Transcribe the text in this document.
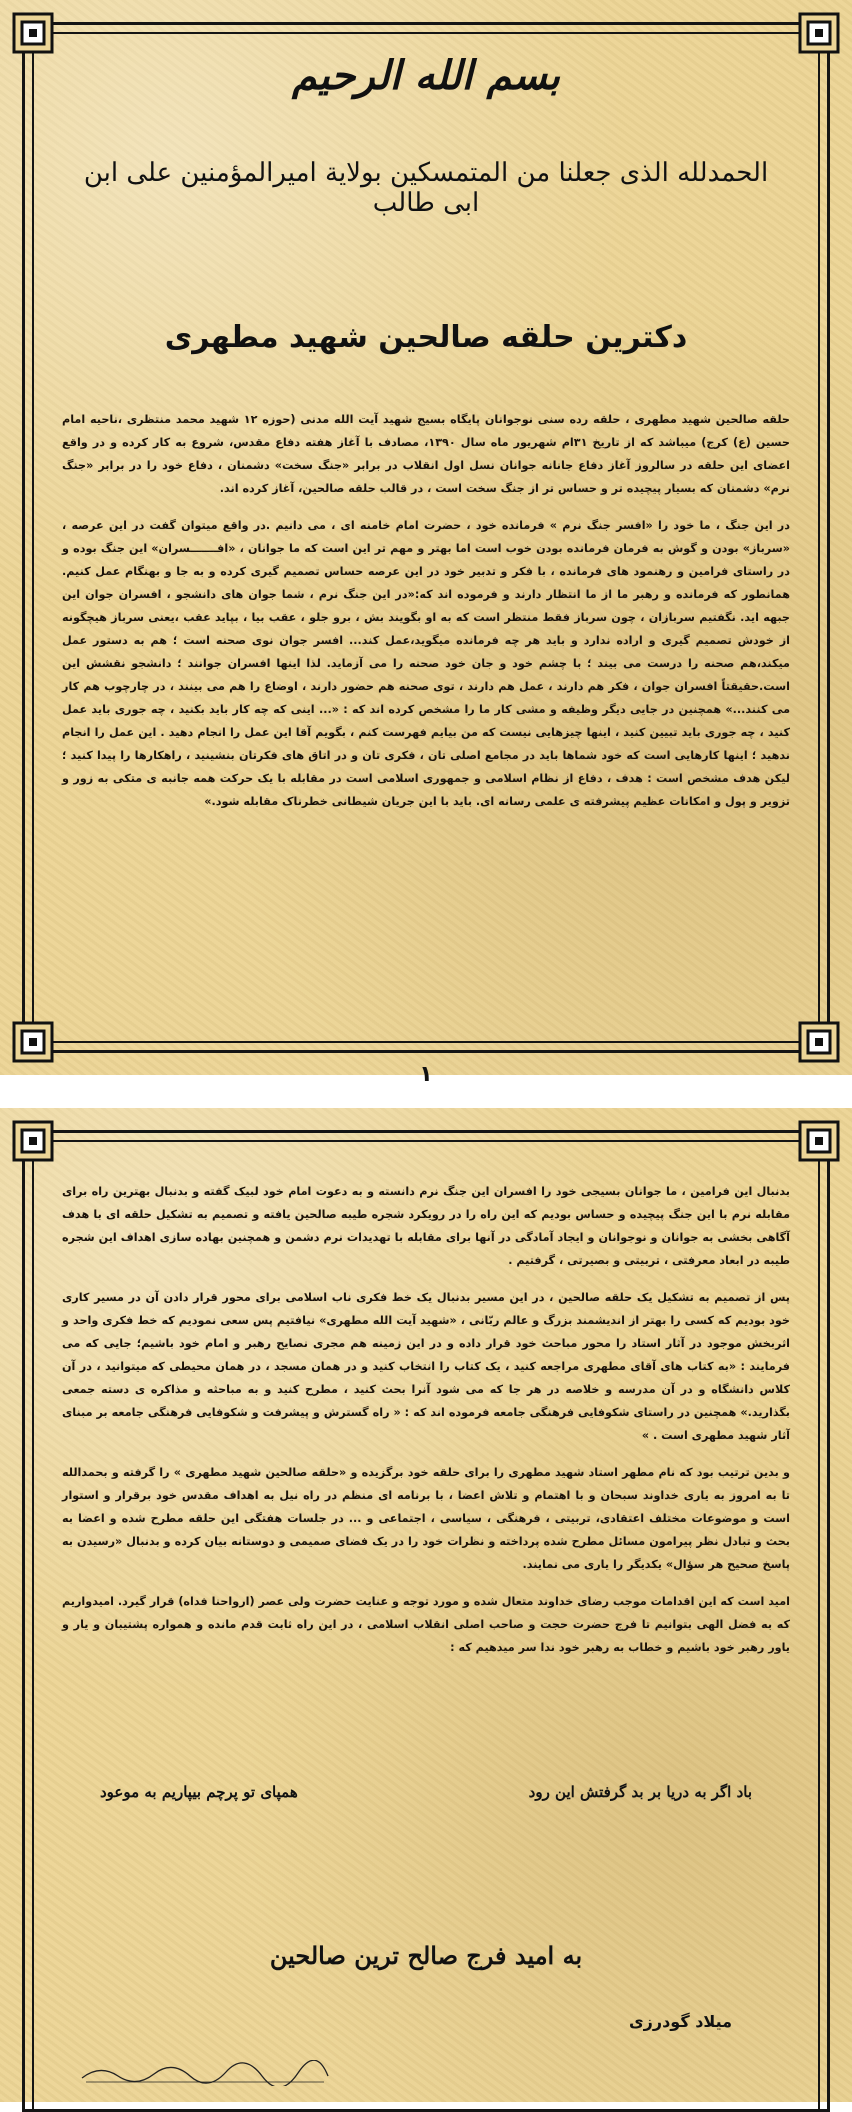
بسم الله الرحیم
الحمدلله الذی جعلنا من المتمسکین بولایة امیرالمؤمنین علی ابن ابی طالب
دکترین حلقه صالحین شهید مطهری

حلقه صالحین شهید مطهری ، حلقه رده سنی نوجوانان پایگاه بسیج شهید آیت الله مدنی (حوزه ۱۲ شهید محمد منتظری ،ناحیه امام حسین (ع) کرج) میباشد که از تاریخ ۳۱ام شهریور ماه سال ۱۳۹۰، مصادف با آغاز هفته دفاع مقدس، شروع به کار کرده و در واقع اعضای این حلقه در سالروز آغاز دفاع جانانه جوانان نسل اول انقلاب در برابر «جنگ سخت» دشمنان ، دفاع خود را در برابر «جنگ نرم» دشمنان که بسیار پیچیده تر و حساس تر از جنگ سخت است ، در قالب حلقه صالحین، آغاز کرده اند.

در این جنگ ، ما خود را «افسر جنگ نرم » فرمانده خود ، حضرت امام خامنه ای ، می دانیم .در واقع میتوان گفت در این عرصه ، «سرباز» بودن و گوش به فرمان فرمانده بودن خوب است اما بهتر و مهم تر این است که ما جوانان ، «افـــــــسران» این جنگ بوده و در راستای فرامین و رهنمود های فرمانده ، با فکر و تدبیر خود در این عرصه حساس تصمیم گیری کرده و به جا و بهنگام عمل کنیم. همانطور که فرمانده و رهبر ما از ما انتظار دارند و فرموده اند که:«در این جنگ نرم ، شما جوان های دانشجو ، افسران جوان این جبهه اید. نگفتیم سربازان ، چون سرباز فقط منتظر است که به او بگویند بش ، برو جلو ، عقب بیا ، بپاید عقب ،یعنی سرباز هیچگونه از خودش تصمیم گیری و اراده ندارد و باید هر چه فرمانده میگوید،عمل کند... افسر جوان نوی صحنه است ؛ هم به دستور عمل میکند،هم صحنه را درست می بیند ؛ با چشم خود و جان خود صحنه را می آزماید. لذا اینها افسران جوانند ؛ دانشجو نقشش این است.حقیقتاً افسران جوان ، فکر هم دارند ، عمل هم دارند ، توی صحنه هم حضور دارند ، اوضاع را هم می بینند ، در چارچوب هم کار می کنند...» همچنین در جایی دیگر وظیفه و مشی کار ما را مشخص کرده اند که : «... اینی که چه کار باید بکنید ، چه جوری باید عمل کنید ، چه جوری باید تبیین کنید ، اینها چیزهایی نیست که من بیایم فهرست کنم ، بگویم آقا این عمل را انجام دهید . این عمل را انجام ندهید ؛ اینها کارهایی است که خود شماها باید در مجامع اصلی تان ، فکری تان و در اتاق های فکرتان بنشینید ، راهکارها را پیدا کنید ؛ لیکن هدف مشخص است : هدف ، دفاع از نظام اسلامی و جمهوری اسلامی است در مقابله با یک حرکت همه جانبه ی متکی به زور و تزویر و پول و امکانات عظیم پیشرفته ی علمی رسانه ای. باید با این جریان شیطانی خطرناک مقابله شود.»

۱

بدنبال این فرامین ، ما جوانان بسیجی خود را افسران این جنگ نرم دانسته و به دعوت امام خود لبیک گفته و بدنبال بهترین راه برای مقابله نرم با این جنگ پیچیده و حساس بودیم که این راه را در رویکرد شجره طیبه صالحین یافته و تصمیم به تشکیل حلقه ای با هدف آگاهی بخشی به جوانان و نوجوانان و ایجاد آمادگی در آنها برای مقابله با تهدیدات نرم دشمن و همچنین بهاده سازی اهداف این شجره طیبه در ابعاد معرفتی ، تربیتی و بصیرتی ، گرفتیم .

پس از تصمیم به تشکیل یک حلقه صالحین ، در این مسیر بدنبال یک خط فکری ناب اسلامی برای محور قرار دادن آن در مسیر کاری خود بودیم که کسی را بهتر از اندیشمند بزرگ و عالم ربّانی ، «شهید آیت الله مطهری» نیافتیم پس سعی نمودیم که خط فکری واحد و اثربخش موجود در آثار استاد را محور مباحث خود قرار داده و در این زمینه هم مجری نصایح رهبر و امام خود باشیم؛ جایی که می فرمایند : «به کتاب های آقای مطهری مراجعه کنید ، یک کتاب را انتخاب کنید و در همان مسجد ، در همان محیطی که میتوانید ، در آن کلاس دانشگاه و در آن مدرسه و خلاصه در هر جا که می شود آنرا بحث کنید ، مطرح کنید و به مباحثه و مذاکره ی دسته جمعی بگذارید.» همچنین در راستای شکوفایی فرهنگی جامعه فرموده اند که : « راه گسترش و پیشرفت و شکوفایی فرهنگی جامعه بر مبنای آثار شهید مطهری است . »

و بدین ترتیب بود که نام مطهر استاد شهید مطهری را برای حلقه خود برگزیده و «حلقه صالحین شهید مطهری » را گرفته و بحمدالله تا به امروز به یاری خداوند سبحان و با اهتمام و تلاش اعضا ، با برنامه ای منظم در راه نیل به اهداف مقدس خود برقرار و استوار است و موضوعات مختلف اعتقادی، تربیتی ، فرهنگی ، سیاسی ، اجتماعی و ... در جلسات هفتگی این حلقه مطرح شده و اعضا به بحث و تبادل نظر پیرامون مسائل مطرح شده پرداخته و نظرات خود را در یک فضای صمیمی و دوستانه بیان کرده و بدنبال «رسیدن به پاسخ صحیح هر سؤال» یکدیگر را یاری می نمایند.

امید است که این اقدامات موجب رضای خداوند متعال شده و مورد توجه و عنایت حضرت ولی عصر (ارواحنا فداه) قرار گیرد. امیدواریم که به فضل الهی بتوانیم تا فرج حضرت حجت و صاحب اصلی انقلاب اسلامی ، در این راه ثابت قدم مانده و همواره پشتیبان و یار و یاور رهبر خود باشیم و خطاب به رهبر خود ندا سر میدهیم که :

باد اگر به دریا بر بد گرفتش این رود
همپای تو پرچم بیپاریم به موعود
به امید فرج صالح ترین صالحین
میلاد گودرزی
